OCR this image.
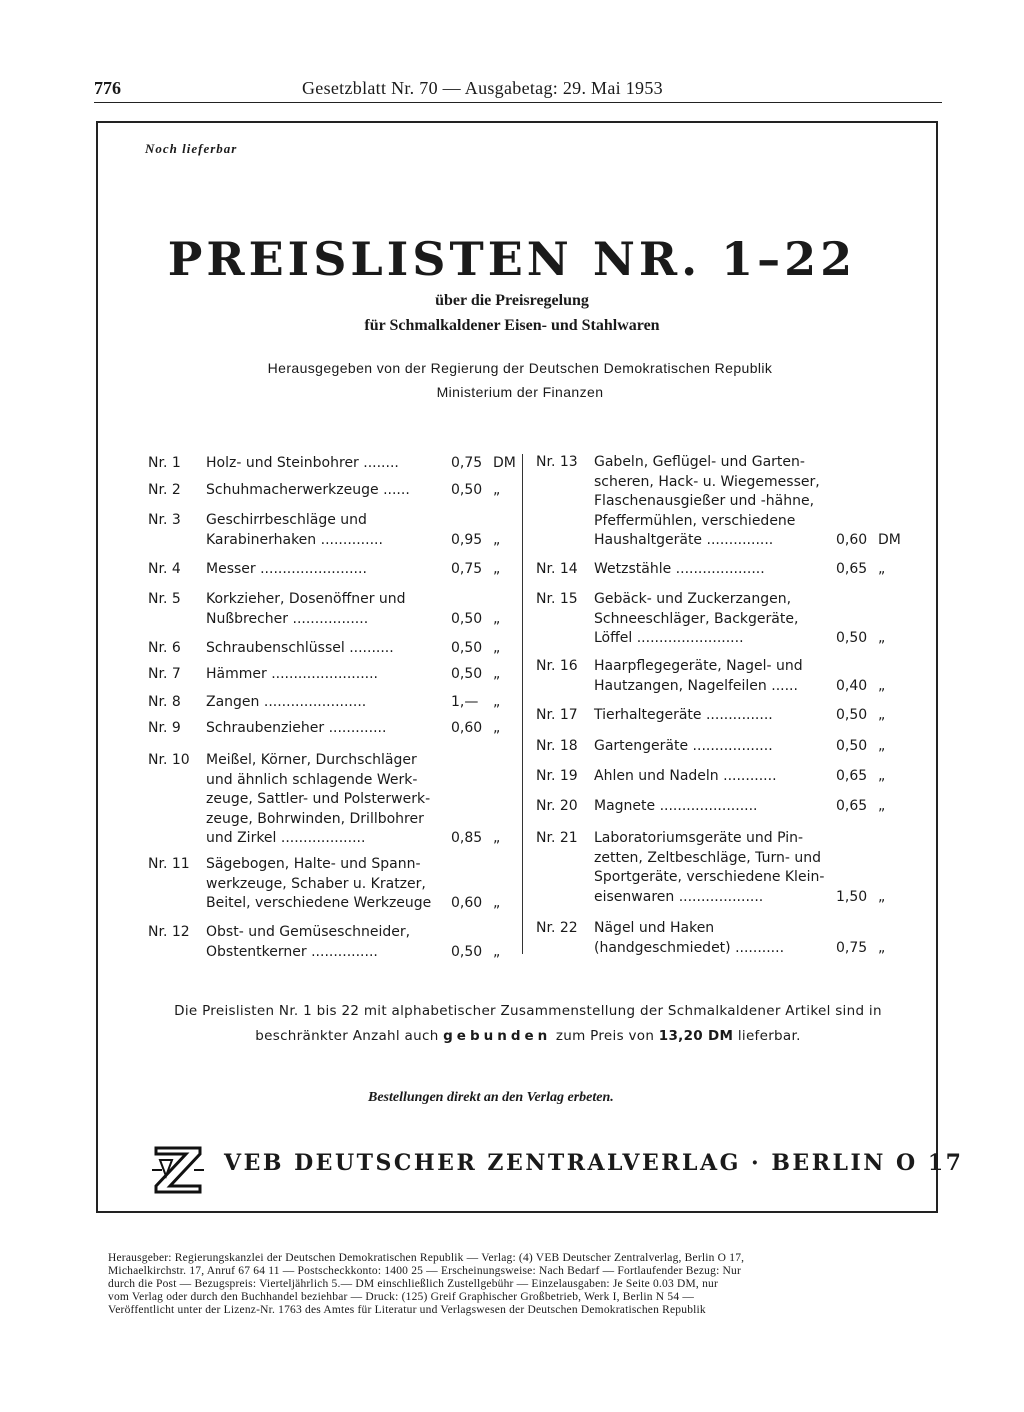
776	Gesetzblatt Nr. 70 — Ausgabetag: 29. Mai 1953
Noch lieferbar
PREISLISTEN NR. 1–22
über die Preisregelung
für Schmalkaldener Eisen- und Stahlwaren
Herausgegeben von der Regierung der Deutschen Demokratischen Republik
Ministerium der Finanzen
Nr. 1	Holz- und Steinbohrer ........	0,75 DM
Nr. 2	Schuhmacherwerkzeuge ......	0,50 „
Nr. 3	Geschirrbeschläge und
Karabinerhaken ..............	0,95 „
Nr. 4	Messer ........................	0,75 „
Nr. 5	Korkzieher, Dosenöffner und
Nußbrecher .................	0,50 „
Nr. 6	Schraubenschlüssel ..........	0,50 „
Nr. 7	Hämmer ........................	0,50 „
Nr. 8	Zangen .......................	1,— „
Nr. 9	Schraubenzieher .............	0,60 „
Nr. 10	Meißel, Körner, Durchschläger
und ähnlich schlagende Werk-
zeuge, Sattler- und Polsterwerk-
zeuge, Bohrwinden, Drillbohrer
und Zirkel ...................	0,85 „
Nr. 11	Sägebogen, Halte- und Spann-
werkzeuge, Schaber u. Kratzer,
Beitel, verschiedene Werkzeuge	0,60 „
Nr. 12	Obst- und Gemüseschneider,
Obstentkerner ...............	0,50 „
Nr. 13	Gabeln, Geflügel- und Garten-
scheren, Hack- u. Wiegemesser,
Flaschenausgießer und -hähne,
Pfeffermühlen, verschiedene
Haushaltgeräte ...............	0,60 DM
Nr. 14	Wetzstähle ....................	0,65 „
Nr. 15	Gebäck- und Zuckerzangen,
Schneeschläger, Backgeräte,
Löffel ........................	0,50 „
Nr. 16	Haarpflegegeräte, Nagel- und
Hautzangen, Nagelfeilen ......	0,40 „
Nr. 17	Tierhaltegeräte ...............	0,50 „
Nr. 18	Gartengeräte ..................	0,50 „
Nr. 19	Ahlen und Nadeln ............	0,65 „
Nr. 20	Magnete ......................	0,65 „
Nr. 21	Laboratoriumsgeräte und Pin-
zetten, Zeltbeschläge, Turn- und
Sportgeräte, verschiedene Klein-
eisenwaren ...................	1,50 „
Nr. 22	Nägel und Haken
(handgeschmiedet) ...........	0,75 „
Die Preislisten Nr. 1 bis 22 mit alphabetischer Zusammenstellung der Schmalkaldener Artikel sind in
beschränkter Anzahl auch gebunden zum Preis von 13,20 DM lieferbar.
Bestellungen direkt an den Verlag erbeten.
VEB DEUTSCHER ZENTRALVERLAG · BERLIN O 17
Herausgeber: Regierungskanzlei der Deutschen Demokratischen Republik — Verlag: (4) VEB Deutscher Zentralverlag, Berlin O 17,
Michaelkirchstr. 17, Anruf 67 64 11 — Postscheckkonto: 1400 25 — Erscheinungsweise: Nach Bedarf — Fortlaufender Bezug: Nur
durch die Post — Bezugspreis: Vierteljährlich 5.— DM einschließlich Zustellgebühr — Einzelausgaben: Je Seite 0.03 DM, nur
vom Verlag oder durch den Buchhandel beziehbar — Druck: (125) Greif Graphischer Großbetrieb, Werk I, Berlin N 54 —
Veröffentlicht unter der Lizenz-Nr. 1763 des Amtes für Literatur und Verlagswesen der Deutschen Demokratischen Republik
